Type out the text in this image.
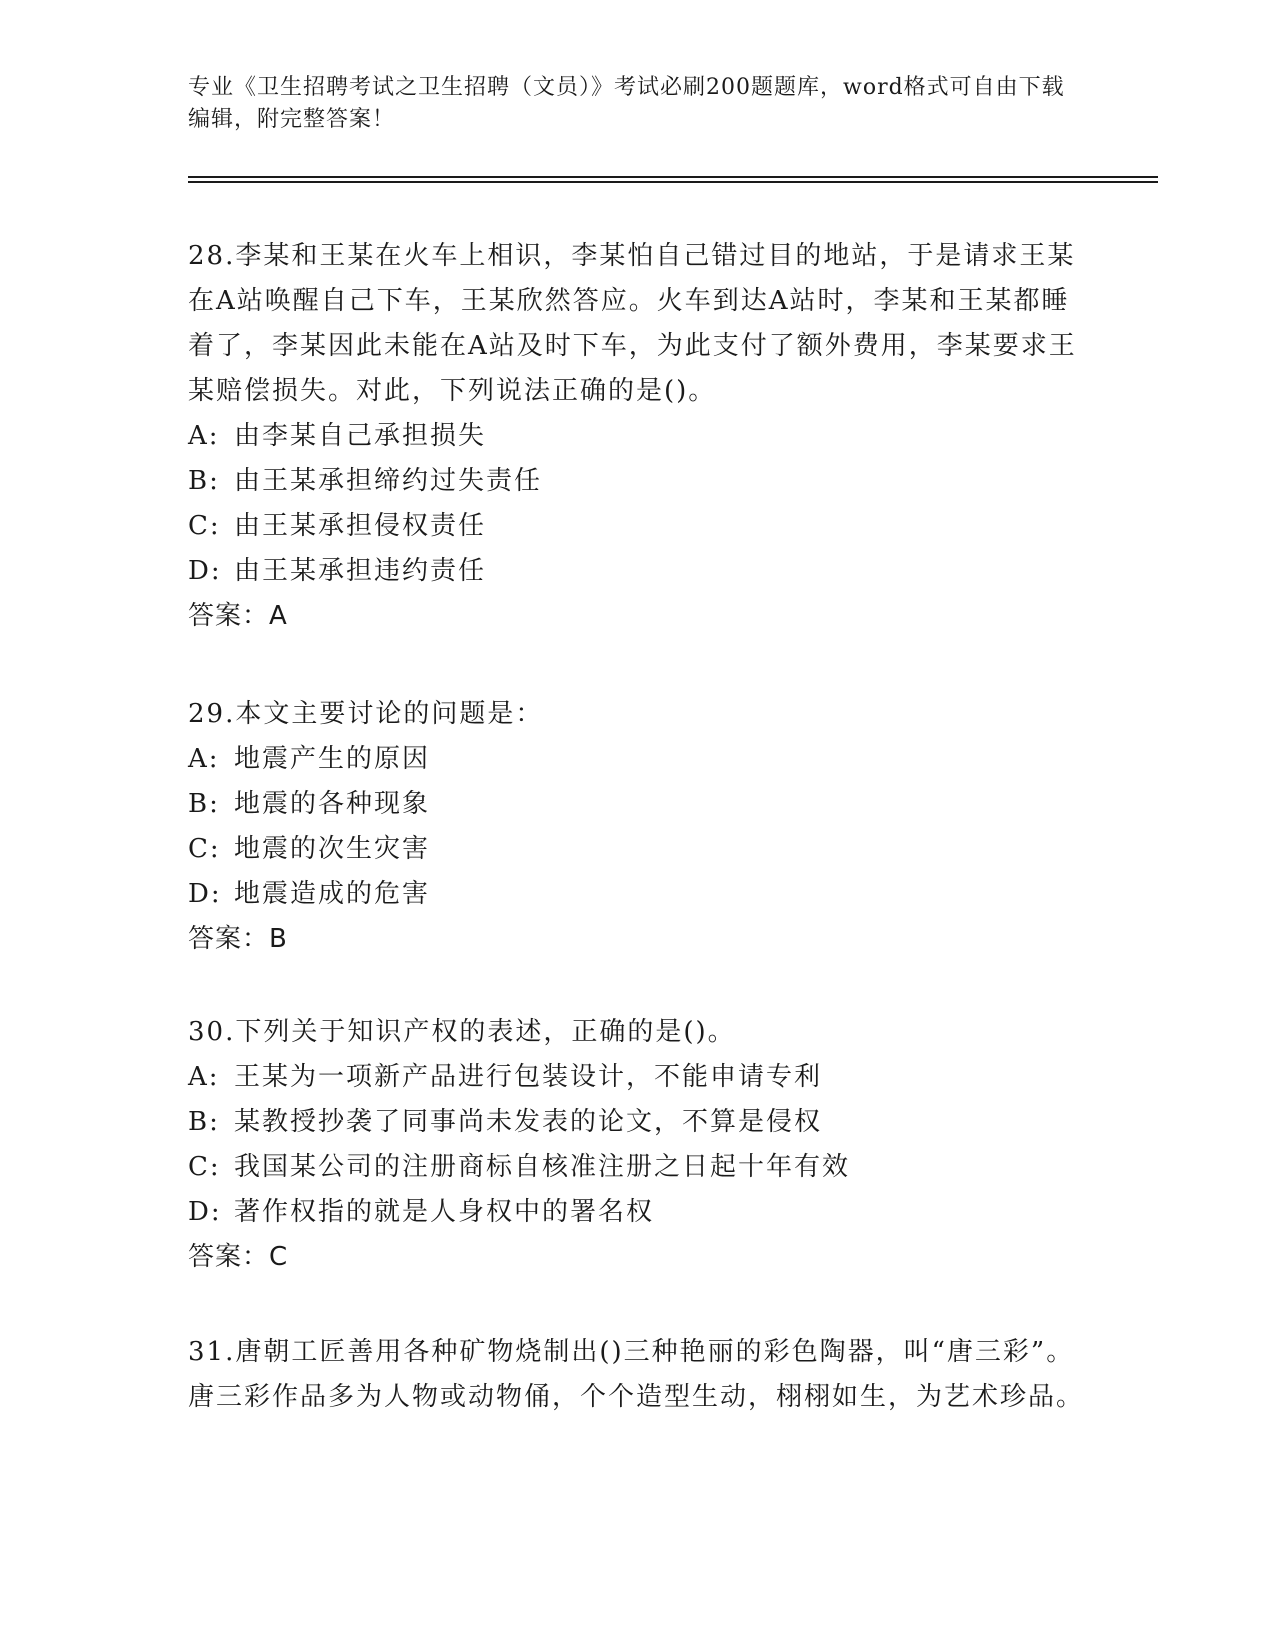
专业《卫生招聘考试之卫生招聘（文员）》考试必刷200题题库，word格式可自由下载编辑，附完整答案！
28.李某和王某在火车上相识，李某怕自己错过目的地站，于是请求王某在A站唤醒自己下车，王某欣然答应。火车到达A站时，李某和王某都睡着了，李某因此未能在A站及时下车，为此支付了额外费用，李某要求王某赔偿损失。对此，下列说法正确的是()。
A: 由李某自己承担损失
B: 由王某承担缔约过失责任
C: 由王某承担侵权责任
D: 由王某承担违约责任
答案：A
29.本文主要讨论的问题是：
A: 地震产生的原因
B: 地震的各种现象
C: 地震的次生灾害
D: 地震造成的危害
答案：B
30.下列关于知识产权的表述，正确的是()。
A: 王某为一项新产品进行包装设计，不能申请专利
B: 某教授抄袭了同事尚未发表的论文，不算是侵权
C: 我国某公司的注册商标自核准注册之日起十年有效
D: 著作权指的就是人身权中的署名权
答案：C
31.唐朝工匠善用各种矿物烧制出()三种艳丽的彩色陶器，叫“唐三彩”。唐三彩作品多为人物或动物俑，个个造型生动，栩栩如生，为艺术珍品。
